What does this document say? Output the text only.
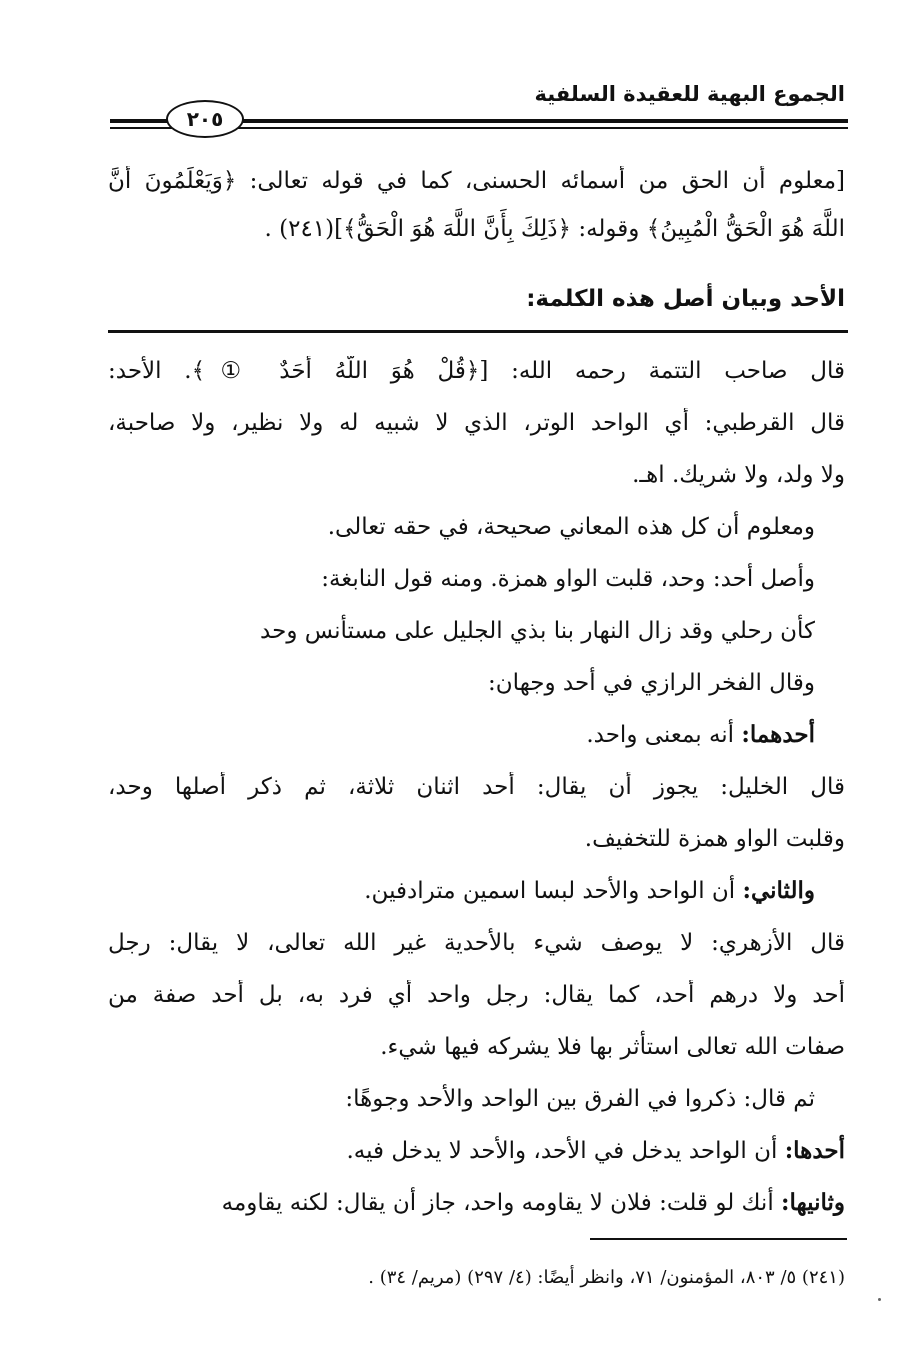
الجموع البهية للعقيدة السلفية
٢٠٥
[معلوم أن الحق من أسمائه الحسنى، كما في قوله تعالى: ﴿وَيَعْلَمُونَ أَنَّ
اللَّهَ هُوَ الْحَقُّ الْمُبِينُ﴾ وقوله: ﴿ذَلِكَ بِأَنَّ اللَّهَ هُوَ الْحَقُّ﴾](٢٤١) .
الأحد وبيان أصل هذه الكلمة:
قال صاحب التتمة رحمه الله: [﴿قُلْ هُوَ اللَّهُ أَحَدٌ ①﴾. الأحد:
قال القرطبي: أي الواحد الوتر، الذي لا شبيه له ولا نظير، ولا صاحبة،
ولا ولد، ولا شريك. اهـ.
ومعلوم أن كل هذه المعاني صحيحة، في حقه تعالى.
وأصل أحد: وحد، قلبت الواو همزة. ومنه قول النابغة:
كأن رحلي وقد زال النهار بنا بذي الجليل على مستأنس وحد
وقال الفخر الرازي في أحد وجهان:
أحدهما: أنه بمعنى واحد.
قال الخليل: يجوز أن يقال: أحد اثنان ثلاثة، ثم ذكر أصلها وحد،
وقلبت الواو همزة للتخفيف.
والثاني: أن الواحد والأحد لبسا اسمين مترادفين.
قال الأزهري: لا يوصف شيء بالأحدية غير الله تعالى، لا يقال: رجل
أحد ولا درهم أحد، كما يقال: رجل واحد أي فرد به، بل أحد صفة من
صفات الله تعالى استأثر بها فلا يشركه فيها شيء.
ثم قال: ذكروا في الفرق بين الواحد والأحد وجوهًا:
أحدها: أن الواحد يدخل في الأحد، والأحد لا يدخل فيه.
وثانيها: أنك لو قلت: فلان لا يقاومه واحد، جاز أن يقال: لكنه يقاومه
(٢٤١) ٥/ ٨٠٣، المؤمنون/ ٧١، وانظر أيضًا: (٤/ ٢٩٧) (مريم/ ٣٤) .
